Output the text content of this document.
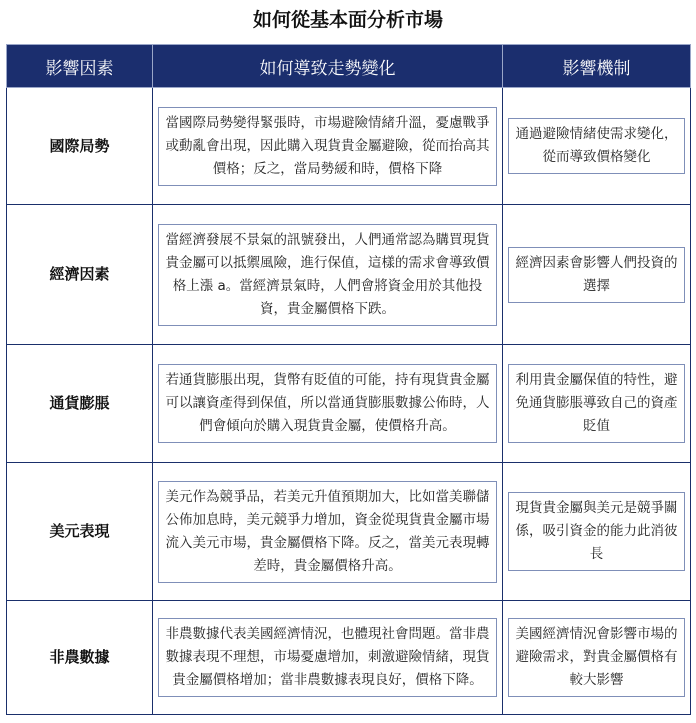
如何從基本面分析市場
影響因素	如何導致走勢變化	影響機制
國際局勢	當國際局勢變得緊張時，市場避險情緒升溫，憂慮戰爭或動亂會出現，因此購入現貨貴金屬避險，從而抬高其價格；反之，當局勢緩和時，價格下降	通過避險情緒使需求變化，從而導致價格變化

經濟因素	當經濟發展不景氣的訊號發出，人們通常認為購買現貨貴金屬可以抵禦風險，進行保值，這樣的需求會導致價格上漲 a。當經濟景氣時，人們會將資金用於其他投資，貴金屬價格下跌。	經濟因素會影響人們投資的選擇

通貨膨脹	若通貨膨脹出現，貨幣有貶值的可能，持有現貨貴金屬可以讓資產得到保值，所以當通貨膨脹數據公佈時，人們會傾向於購入現貨貴金屬，使價格升高。	利用貴金屬保值的特性，避免通貨膨脹導致自己的資產貶值

美元表現	美元作為競爭品，若美元升值預期加大，比如當美聯儲公佈加息時，美元競爭力增加，資金從現貨貴金屬市場流入美元市場，貴金屬價格下降。反之，當美元表現轉差時，貴金屬價格升高。	現貨貴金屬與美元是競爭關係，吸引資金的能力此消彼長

非農數據	非農數據代表美國經濟情況，也體現社會問題。當非農數據表現不理想，市場憂慮增加，刺激避險情緒，現貨貴金屬價格增加；當非農數據表現良好，價格下降。	美國經濟情況會影響市場的避險需求，對貴金屬價格有較大影響
